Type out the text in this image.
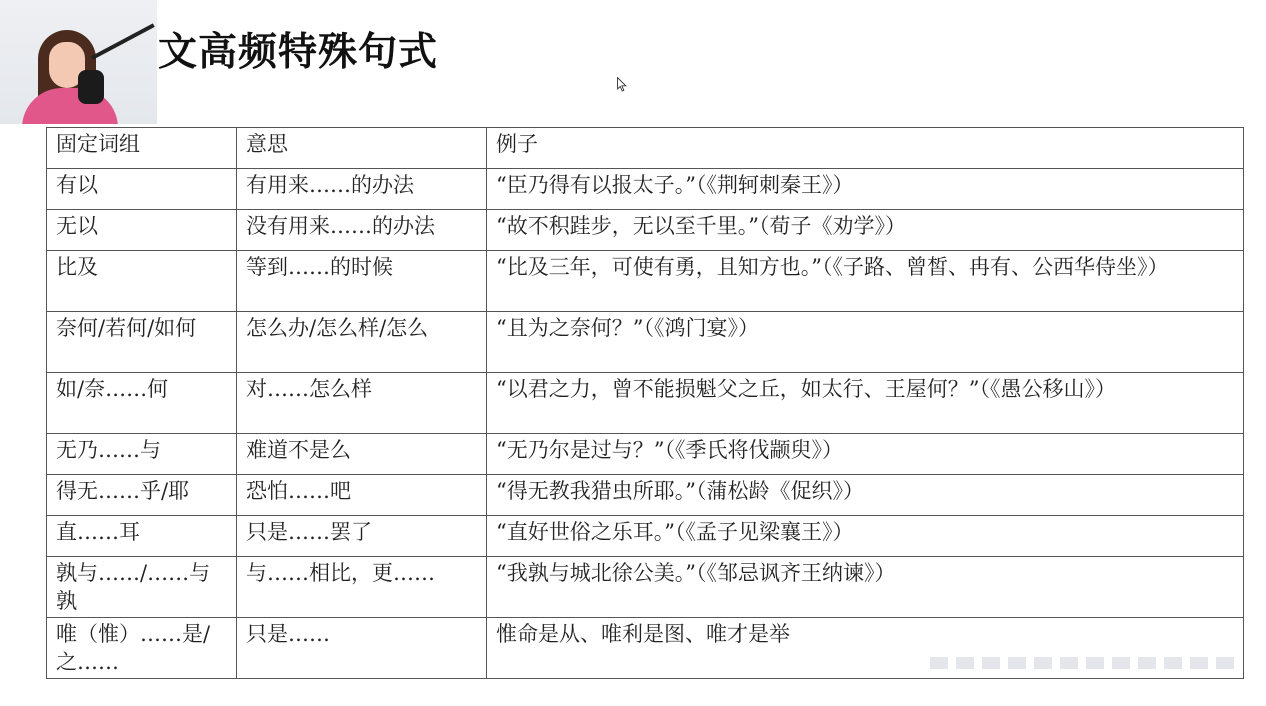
文高频特殊句式
固定词组	意思	例子
有以	有用来……的办法	“臣乃得有以报太子。”（《荆轲刺秦王》）
无以	没有用来……的办法	“故不积跬步，无以至千里。”（荀子《劝学》）
比及	等到……的时候	“比及三年，可使有勇，且知方也。”（《子路、曾皙、冉有、公西华侍坐》）
奈何/若何/如何	怎么办/怎么样/怎么	“且为之奈何？”（《鸿门宴》）
如/奈……何	对……怎么样	“以君之力，曾不能损魁父之丘，如太行、王屋何？”（《愚公移山》）
无乃……与	难道不是么	“无乃尔是过与？”（《季氏将伐颛臾》）
得无……乎/耶	恐怕……吧	“得无教我猎虫所耶。”（蒲松龄《促织》）
直……耳	只是……罢了	“直好世俗之乐耳。”（《孟子见梁襄王》）
孰与……/……与孰	与……相比，更……	“我孰与城北徐公美。”（《邹忌讽齐王纳谏》）
唯（惟）……是/之……	只是……	惟命是从、唯利是图、唯才是举
